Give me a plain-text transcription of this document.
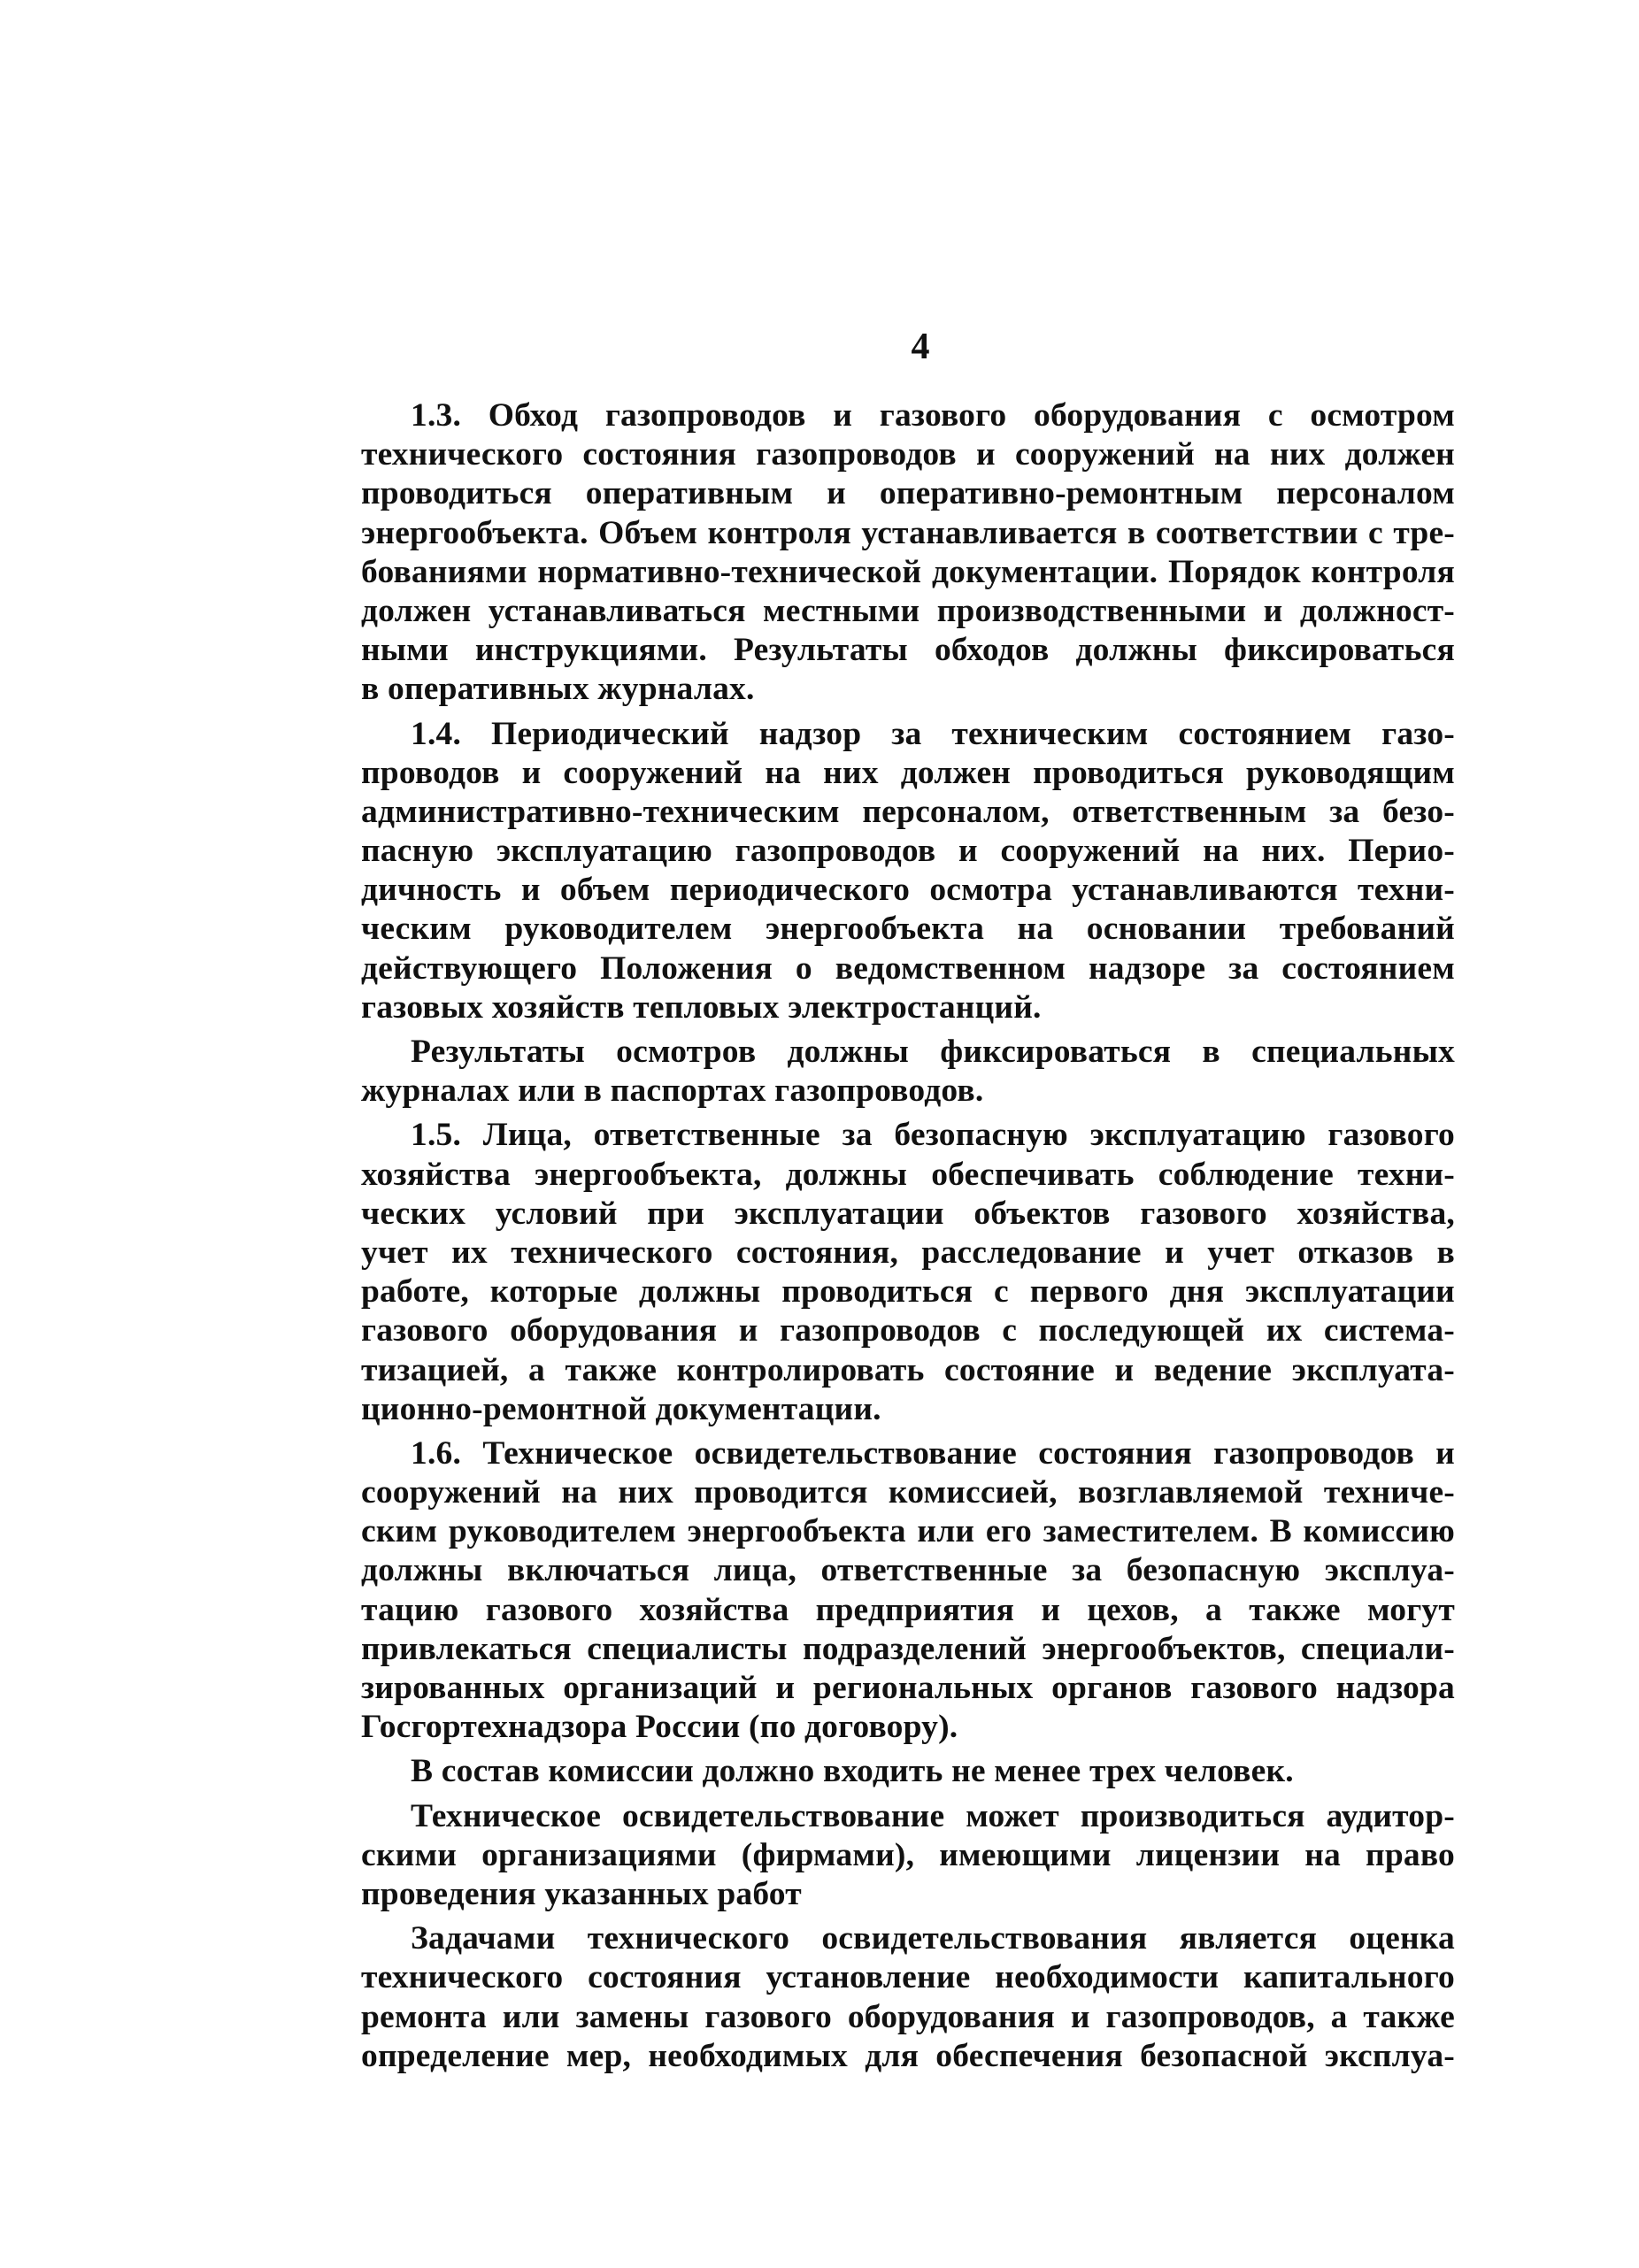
4
1.3. Обход газопроводов и газового оборудования с осмотром
технического состояния газопроводов и сооружений на них должен
проводиться оперативным и оперативно-ремонтным персоналом
энергообъекта. Объем контроля устанавливается в соответствии с тре-
бованиями нормативно-технической документации. Порядок контроля
должен устанавливаться местными производственными и должност-
ными инструкциями. Результаты обходов должны фиксироваться
в оперативных журналах.
1.4. Периодический надзор за техническим состоянием газо-
проводов и сооружений на них должен проводиться руководящим
административно-техническим персоналом, ответственным за безо-
пасную эксплуатацию газопроводов и сооружений на них. Перио-
дичность и объем периодического осмотра устанавливаются техни-
ческим руководителем энергообъекта на основании требований
действующего Положения о ведомственном надзоре за состоянием
газовых хозяйств тепловых электростанций.
Результаты осмотров должны фиксироваться в специальных
журналах или в паспортах газопроводов.
1.5. Лица, ответственные за безопасную эксплуатацию газового
хозяйства энергообъекта, должны обеспечивать соблюдение техни-
ческих условий при эксплуатации объектов газового хозяйства,
учет их технического состояния, расследование и учет отказов в
работе, которые должны проводиться с первого дня эксплуатации
газового оборудования и газопроводов с последующей их система-
тизацией, а также контролировать состояние и ведение эксплуата-
ционно-ремонтной документации.
1.6. Техническое освидетельствование состояния газопроводов и
сооружений на них проводится комиссией, возглавляемой техниче-
ским руководителем энергообъекта или его заместителем. В комиссию
должны включаться лица, ответственные за безопасную эксплуа-
тацию газового хозяйства предприятия и цехов, а также могут
привлекаться специалисты подразделений энергообъектов, специали-
зированных организаций и региональных органов газового надзора
Госгортехнадзора России (по договору).
В состав комиссии должно входить не менее трех человек.
Техническое освидетельствование может производиться аудитор-
скими организациями (фирмами), имеющими лицензии на право
проведения указанных работ
Задачами технического освидетельствования является оценка
технического состояния установление необходимости капитального
ремонта или замены газового оборудования и газопроводов, а также
определение мер, необходимых для обеспечения безопасной эксплуа-
